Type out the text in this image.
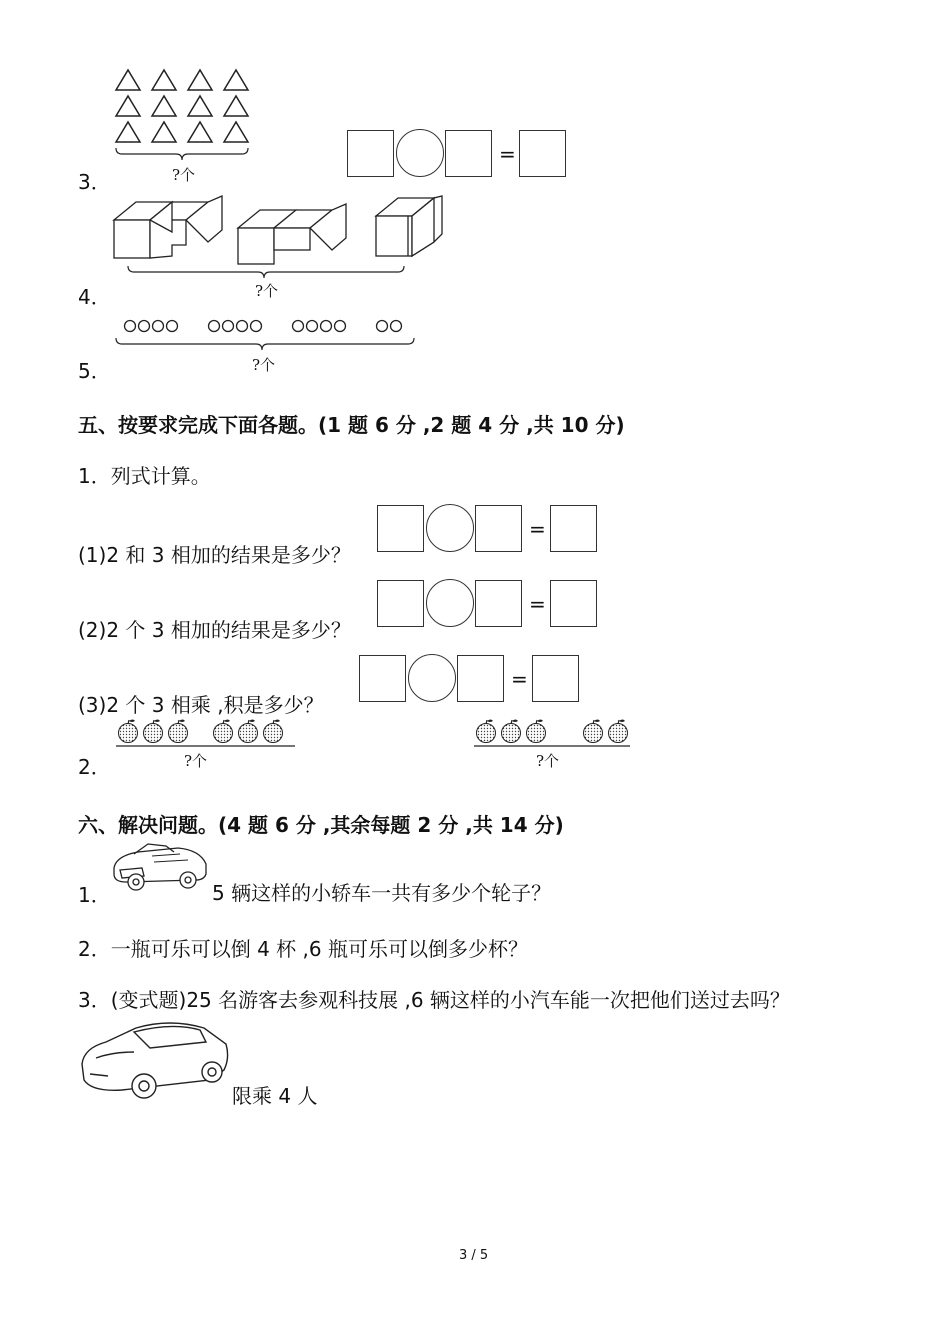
?个
3．
=
?个
4．
?个
5．
五、按要求完成下面各题。(1 题 6 分 ,2 题 4 分 ,共 10 分)
1．列式计算。
(1)2 和 3 相加的结果是多少？
=
(2)2 个 3 相加的结果是多少？
=
(3)2 个 3 相乘 ,积是多少？
=
?个
2．	?个
六、解决问题。(4 题 6 分 ,其余每题 2 分 ,共 14 分)
1．	5 辆这样的小轿车一共有多少个轮子？
2．一瓶可乐可以倒 4 杯 ,6 瓶可乐可以倒多少杯？
3．(变式题)25 名游客去参观科技展 ,6 辆这样的小汽车能一次把他们送过去吗？
限乘 4 人
3 / 5
